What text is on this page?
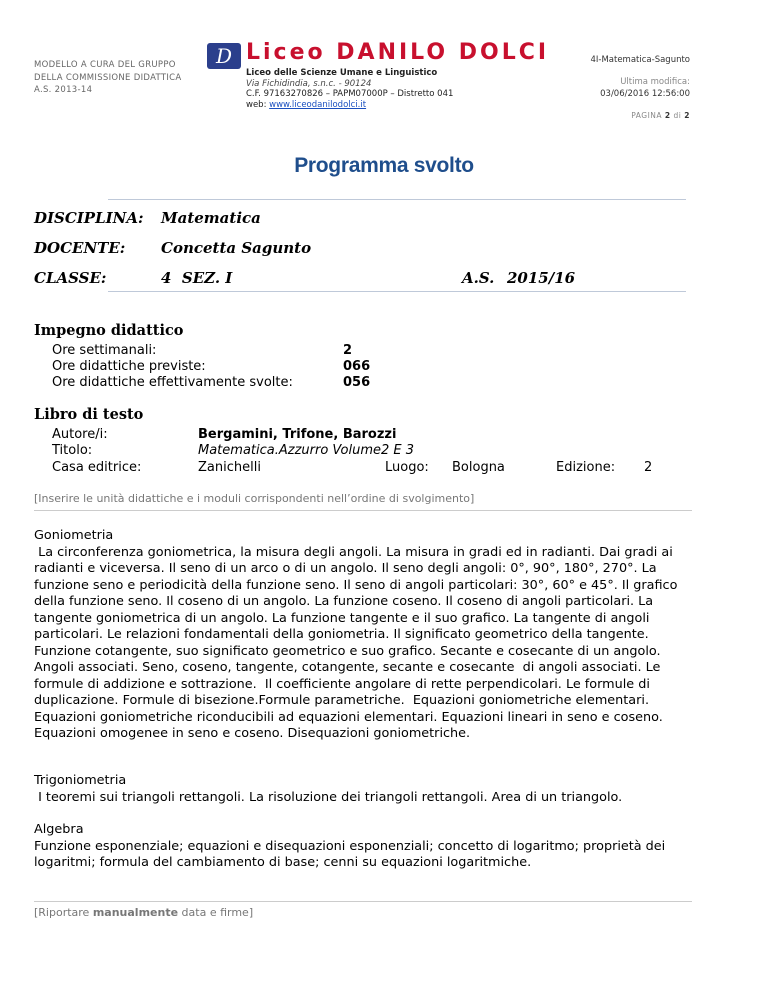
MODELLO A CURA DEL GRUPPO
DELLA COMMISSIONE DIDATTICA
A.S. 2013-14
D Liceo DANILO DOLCI
Liceo delle Scienze Umane e Linguistico
Via Fichidindia, s.n.c. - 90124
C.F. 97163270826 – PAPM07000P – Distretto 041
web: www.liceodanilodolci.it
4I-Matematica-Sagunto
Ultima modifica:
03/06/2016 12:56:00
PAGINA 2 di 2
Programma svolto
DISCIPLINA: Matematica
DOCENTE: Concetta Sagunto
CLASSE:	4  SEZ. I	A.S. 2015/16
Impegno didattico
Ore settimanali:	2
Ore didattiche previste:	066
Ore didattiche effettivamente svolte:	056
Libro di testo
Autore/i:	Bergamini, Trifone, Barozzi
Titolo:	Matematica.Azzurro Volume2 E 3
Casa editrice:	Zanichelli	Luogo: Bologna	Edizione: 2
[Inserire le unità didattiche e i moduli corrispondenti nell’ordine di svolgimento]
Goniometria
La circonferenza goniometrica, la misura degli angoli. La misura in gradi ed in radianti. Dai gradi ai radianti e viceversa. Il seno di un arco o di un angolo. Il seno degli angoli: 0°, 90°, 180°, 270°. La funzione seno e periodicità della funzione seno. Il seno di angoli particolari: 30°, 60° e 45°. Il grafico della funzione seno. Il coseno di un angolo. La funzione coseno. Il coseno di angoli particolari. La tangente goniometrica di un angolo. La funzione tangente e il suo grafico. La tangente di angoli particolari. Le relazioni fondamentali della goniometria. Il significato geometrico della tangente. Funzione cotangente, suo significato geometrico e suo grafico. Secante e cosecante di un angolo. Angoli associati. Seno, coseno, tangente, cotangente, secante e cosecante  di angoli associati. Le formule di addizione e sottrazione.  Il coefficiente angolare di rette perpendicolari. Le formule di duplicazione. Formule di bisezione.Formule parametriche.  Equazioni goniometriche elementari. Equazioni goniometriche riconducibili ad equazioni elementari. Equazioni lineari in seno e coseno. Equazioni omogenee in seno e coseno. Disequazioni goniometriche.
Trigoniometria
I teoremi sui triangoli rettangoli. La risoluzione dei triangoli rettangoli. Area di un triangolo.
Algebra
Funzione esponenziale; equazioni e disequazioni esponenziali; concetto di logaritmo; proprietà dei logaritmi; formula del cambiamento di base; cenni su equazioni logaritmiche.
[Riportare manualmente data e firme]
